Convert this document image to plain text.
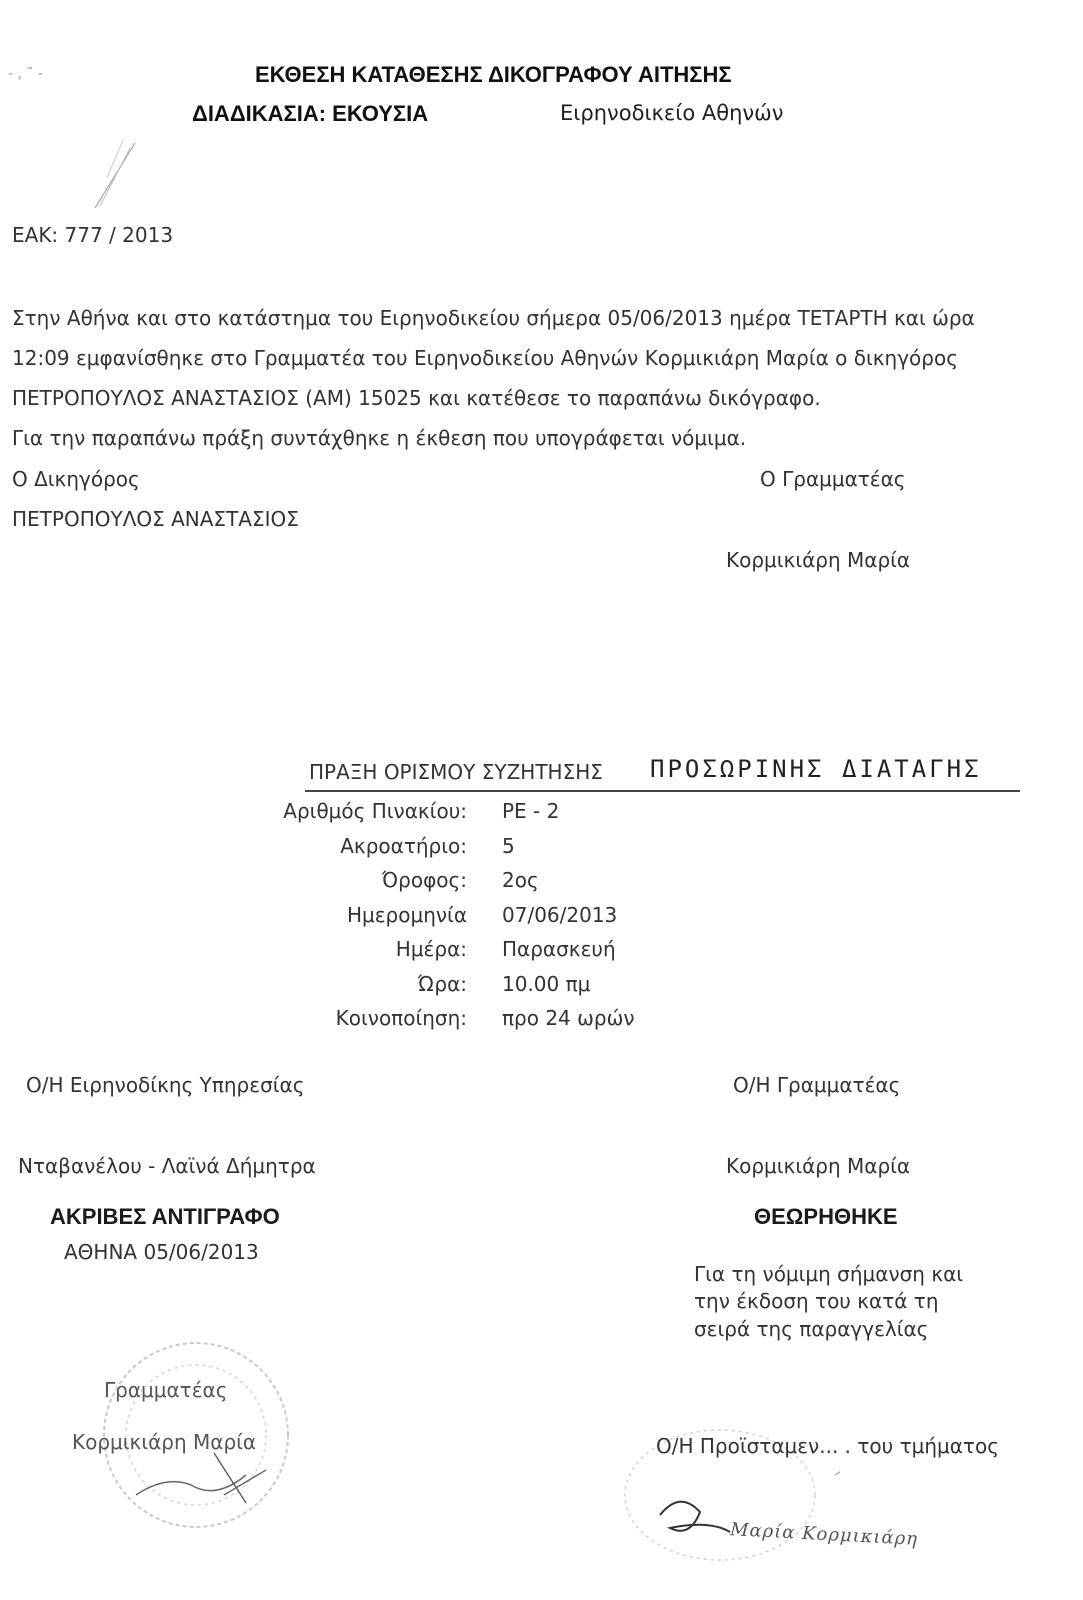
- , ˜ -	ΕΚΘΕΣΗ ΚΑΤΑΘΕΣΗΣ ΔΙΚΟΓΡΑΦΟΥ ΑΙΤΗΣΗΣ
ΔΙΑΔΙΚΑΣΙΑ: ΕΚΟΥΣΙΑ	Ειρηνοδικείο Αθηνών
ΕΑΚ: 777 / 2013
Στην Αθήνα και στο κατάστημα του Ειρηνοδικείου σήμερα 05/06/2013 ημέρα ΤΕΤΑΡΤΗ και ώρα
12:09 εμφανίσθηκε στο Γραμματέα του Ειρηνοδικείου Αθηνών Κορμικιάρη Μαρία ο δικηγόρος
ΠΕΤΡΟΠΟΥΛΟΣ ΑΝΑΣΤΑΣΙΟΣ (ΑΜ) 15025 και κατέθεσε το παραπάνω δικόγραφο.
Για την παραπάνω πράξη συντάχθηκε η έκθεση που υπογράφεται νόμιμα.
Ο Δικηγόρος	Ο Γραμματέας
ΠΕΤΡΟΠΟΥΛΟΣ ΑΝΑΣΤΑΣΙΟΣ
Κορμικιάρη Μαρία
ΠΡΑΞΗ ΟΡΙΣΜΟΥ ΣΥΖΗΤΗΣΗΣ ΠΡΟΣΩΡΙΝΗΣ ΔΙΑΤΑΓΗΣ
Αριθμός Πινακίου: ΡΕ - 2
Ακροατήριο: 5
Όροφος: 2ος
Ημερομηνία 07/06/2013
Ημέρα: Παρασκευή
Ώρα: 10.00 πμ
Κοινοποίηση: προ 24 ωρών
Ο/Η Ειρηνοδίκης Υπηρεσίας	Ο/Η Γραμματέας
Νταβανέλου - Λαϊνά Δήμητρα	Κορμικιάρη Μαρία
ΑΚΡΙΒΕΣ ΑΝΤΙΓΡΑΦΟ
ΑΘΗΝΑ 05/06/2013
Γραμματέας
Κορμικιάρη Μαρία
ΘΕΩΡΗΘΗΚΕ
Για τη νόμιμη σήμανση και
την έκδοση του κατά τη
σειρά της παραγγελίας
Ο/Η Προϊσταμεν... . του τμήματος
Μαρία Κορμικιάρη
